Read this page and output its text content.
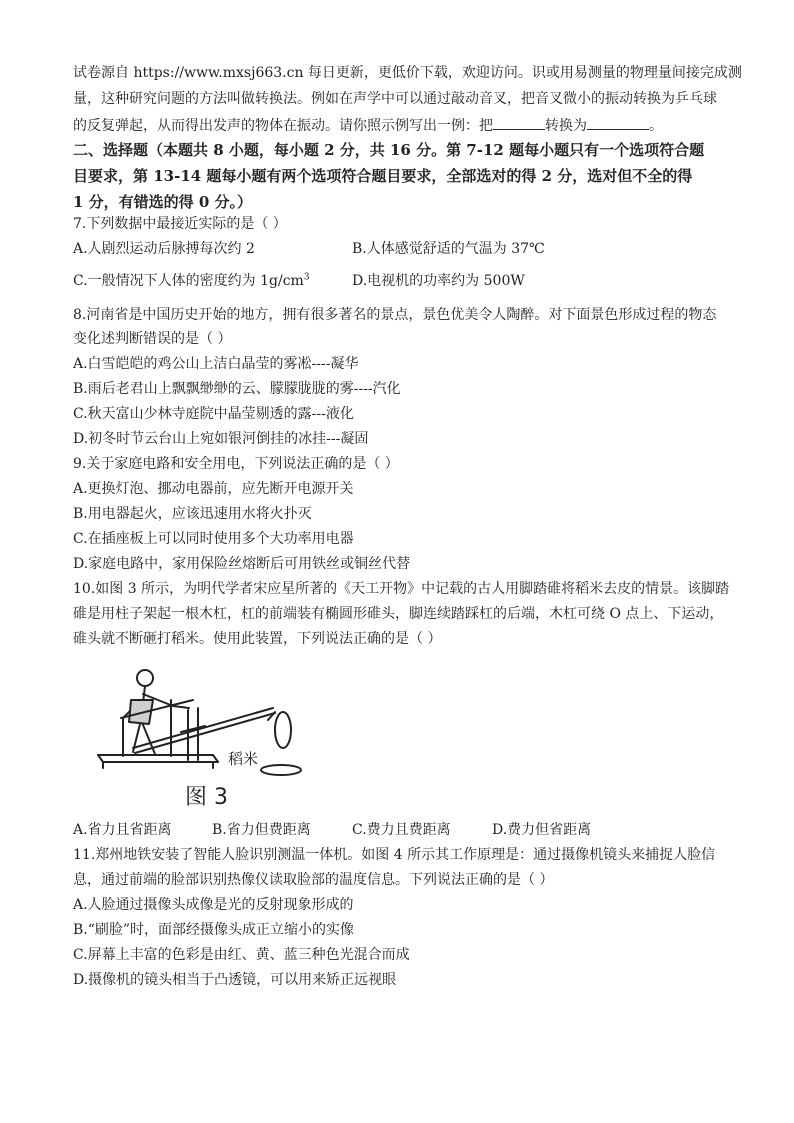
试卷源自 https://www.mxsj663.cn 每日更新，更低价下载，欢迎访问。识或用易测量的物理量间接完成测
量，这种研究问题的方法叫做转换法。例如在声学中可以通过敲动音叉，把音叉微小的振动转换为乒乓球
的反复弹起，从而得出发声的物体在振动。请你照示例写出一例：把	转换为	。
二、选择题（本题共 8 小题，每小题 2 分，共 16 分。第 7-12 题每小题只有一个选项符合题
目要求，第 13-14 题每小题有两个选项符合题目要求，全部选对的得 2 分，选对但不全的得
1 分，有错选的得 0 分。）
7.下列数据中最接近实际的是（ ）
A.人剧烈运动后脉搏每次约 2	B.人体感觉舒适的气温为 37℃
C.一般情况下人体的密度约为 $1g/cm^3$	D.电视机的功率约为 500W
8.河南省是中国历史开始的地方，拥有很多著名的景点，景色优美令人陶醉。对下面景色形成过程的物态
变化述判断错误的是（ ）
A.白雪皑皑的鸡公山上洁白晶莹的雾凇----凝华
B.雨后老君山上飘飘缈缈的云、朦朦胧胧的雾----汽化
C.秋天富山少林寺庭院中晶莹剔透的露---液化
D.初冬时节云台山上宛如银河倒挂的冰挂---凝固
9.关于家庭电路和安全用电，下列说法正确的是（ ）
A.更换灯泡、挪动电器前，应先断开电源开关
B.用电器起火，应该迅速用水将火扑灭
C.在插座板上可以同时使用多个大功率用电器
D.家庭电路中，家用保险丝熔断后可用铁丝或铜丝代替
10.如图 3 所示，为明代学者宋应星所著的《天工开物》中记载的古人用脚踏碓将稻米去皮的情景。该脚踏
碓是用柱子架起一根木杠，杠的前端装有椭圆形碓头，脚连续踏踩杠的后端，木杠可绕 O 点上、下运动，
碓头就不断砸打稻米。使用此装置，下列说法正确的是（ ）
稻米
图 3
A.省力且省距离	B.省力但费距离	C.费力且费距离	D.费力但省距离
11.郑州地铁安装了智能人脸识别测温一体机。如图 4 所示其工作原理是：通过摄像机镜头来捕捉人脸信
息，通过前端的脸部识别热像仪读取脸部的温度信息。下列说法正确的是（ ）
A.人脸通过摄像头成像是光的反射现象形成的
B.“刷脸”时，面部经摄像头成正立缩小的实像
C.屏幕上丰富的色彩是由红、黄、蓝三种色光混合而成
D.摄像机的镜头相当于凸透镜，可以用来矫正远视眼
